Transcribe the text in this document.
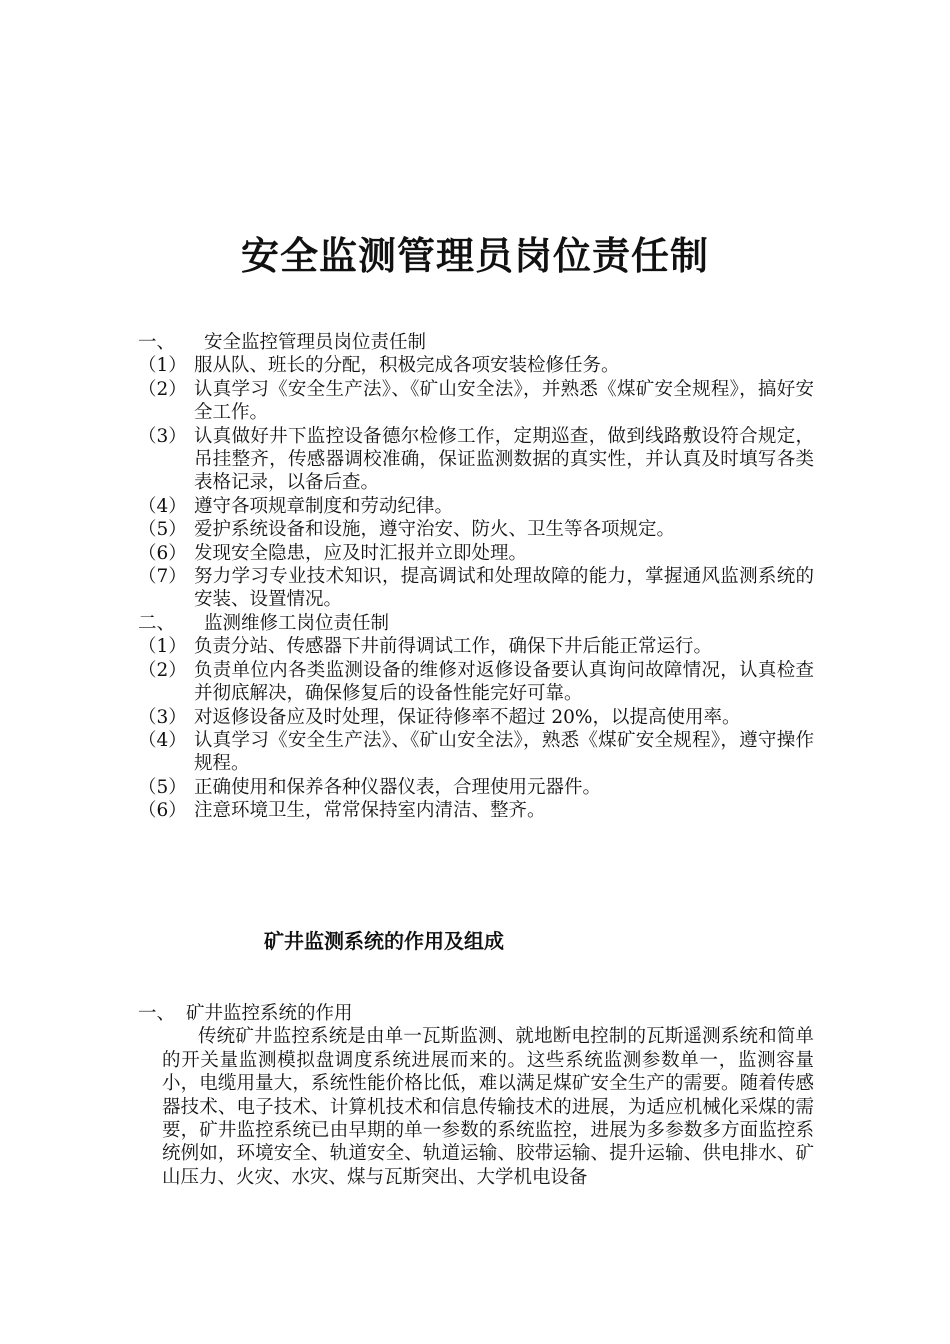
安全监测管理员岗位责任制
一、	安全监控管理员岗位责任制
（1） 服从队、班长的分配，积极完成各项安装检修任务。
（2） 认真学习《安全生产法》、《矿山安全法》，并熟悉《煤矿安全规程》，搞好安全工作。
（3） 认真做好井下监控设备德尔检修工作，定期巡查，做到线路敷设符合规定，吊挂整齐，传感器调校准确，保证监测数据的真实性，并认真及时填写各类表格记录，以备后查。
（4） 遵守各项规章制度和劳动纪律。
（5） 爱护系统设备和设施，遵守治安、防火、卫生等各项规定。
（6） 发现安全隐患，应及时汇报并立即处理。
（7） 努力学习专业技术知识，提高调试和处理故障的能力，掌握通风监测系统的安装、设置情况。
二、	监测维修工岗位责任制
（1） 负责分站、传感器下井前得调试工作，确保下井后能正常运行。
（2） 负责单位内各类监测设备的维修对返修设备要认真询问故障情况，认真检查并彻底解决，确保修复后的设备性能完好可靠。
（3） 对返修设备应及时处理，保证待修率不超过 20%，以提高使用率。
（4） 认真学习《安全生产法》、《矿山安全法》，熟悉《煤矿安全规程》，遵守操作规程。
（5） 正确使用和保养各种仪器仪表，合理使用元器件。
（6） 注意环境卫生，常常保持室内清洁、整齐。
矿井监测系统的作用及组成
一、 矿井监控系统的作用
传统矿井监控系统是由单一瓦斯监测、就地断电控制的瓦斯遥测系统和简单的开关量监测模拟盘调度系统进展而来的。这些系统监测参数单一，监测容量小，电缆用量大，系统性能价格比低，难以满足煤矿安全生产的需要。随着传感器技术、电子技术、计算机技术和信息传输技术的进展，为适应机械化采煤的需要，矿井监控系统已由早期的单一参数的系统监控，进展为多参数多方面监控系统例如，环境安全、轨道安全、轨道运输、胶带运输、提升运输、供电排水、矿山压力、火灾、水灾、煤与瓦斯突出、大学机电设备
